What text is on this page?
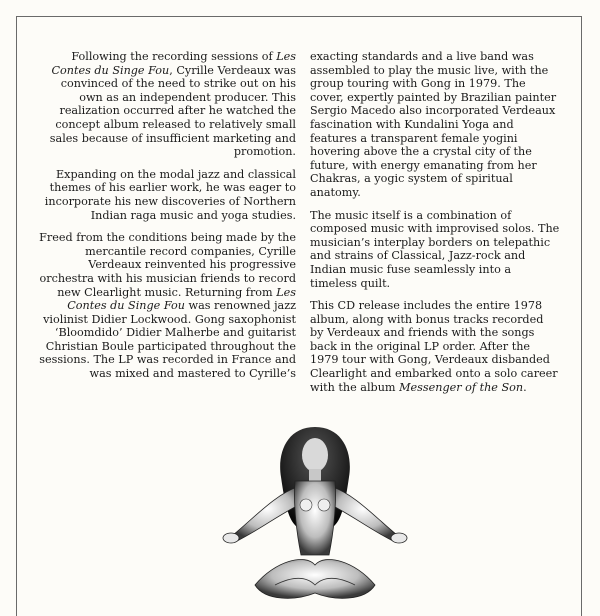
Following the recording sessions of Les Contes du Singe Fou, Cyrille Verdeaux was convinced of the need to strike out on his own as an independent producer. This realization occurred after he watched the concept album released to relatively small sales because of insufficient marketing and promotion.

Expanding on the modal jazz and classical themes of his earlier work, he was eager to incorporate his new discoveries of Northern Indian raga music and yoga studies.

Freed from the conditions being made by the mercantile record companies, Cyrille Verdeaux reinvented his progressive orchestra with his musician friends to record new Clearlight music. Returning from Les Contes du Singe Fou was renowned jazz violinist Didier Lockwood. Gong saxophonist ‘Bloomdido’ Didier Malherbe and guitarist Christian Boule participated throughout the sessions. The LP was recorded in France and was mixed and mastered to Cyrille’s

exacting standards and a live band was assembled to play the music live, with the group touring with Gong in 1979. The cover, expertly painted by Brazilian painter Sergio Macedo also incorporated Verdeaux fascination with Kundalini Yoga and features a transparent female yogini hovering above the a crystal city of the future, with energy emanating from her Chakras, a yogic system of spiritual anatomy.

The music itself is a combination of composed music with improvised solos. The musician’s interplay borders on telepathic and strains of Classical, Jazz-rock and Indian music fuse seamlessly into a timeless quilt.

This CD release includes the entire 1978 album, along with bonus tracks recorded by Verdeaux and friends with the songs back in the original LP order. After the 1979 tour with Gong, Verdeaux disbanded Clearlight and embarked onto a solo career with the album Messenger of the Son.
